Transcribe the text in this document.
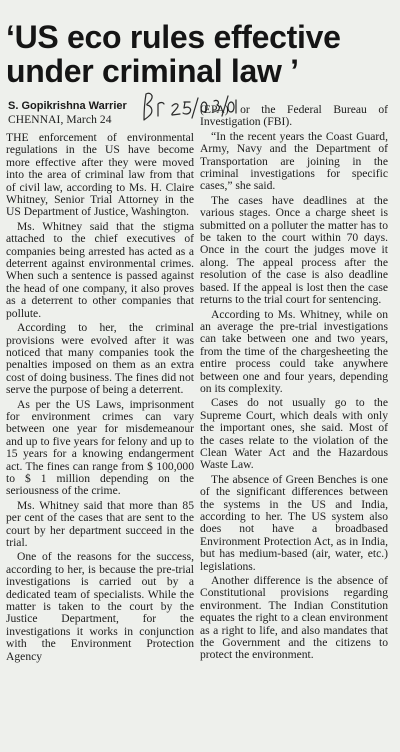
‘US eco rules effective
under criminal law ’
S. Gopikrishna Warrier
CHENNAI, March 24

THE enforcement of environmental regulations in the US have become more effective after they were moved into the area of criminal law from that of civil law, according to Ms. H. Claire Whitney, Senior Trial Attorney in the US Department of Justice, Washington.

Ms. Whitney said that the stigma attached to the chief executives of companies being arrested has acted as a deterrent against environmental crimes. When such a sentence is passed against the head of one company, it also proves as a deterrent to other companies that pollute.

According to her, the criminal provisions were evolved after it was noticed that many companies took the penalties imposed on them as an extra cost of doing business. The fines did not serve the purpose of being a deterrent.

As per the US Laws, imprisonment for environment crimes can vary between one year for misdemeanour and up to five years for felony and up to 15 years for a knowing endangerment act. The fines can range from $ 100,000 to $ 1 million depending on the seriousness of the crime.

Ms. Whitney said that more than 85 per cent of the cases that are sent to the court by her department succeed in the trial.

One of the reasons for the success, according to her, is because the pre-trial investigations is carried out by a dedicated team of specialists. While the matter is taken to the court by the Justice Department, for the investigations it works in conjunction with the Environment Protection Agency

(EPA) or the Federal Bureau of Investigation (FBI).

“In the recent years the Coast Guard, Army, Navy and the Department of Transportation are joining in the criminal investigations for specific cases,” she said.

The cases have deadlines at the various stages. Once a charge sheet is submitted on a polluter the matter has to be taken to the court within 70 days. Once in the court the judges move it along. The appeal process after the resolution of the case is also deadline based. If the appeal is lost then the case returns to the trial court for sentencing.

According to Ms. Whitney, while on an average the pre-trial investigations can take between one and two years, from the time of the chargesheeting the entire process could take anywhere between one and four years, depending on its complexity.

Cases do not usually go to the Supreme Court, which deals with only the important ones, she said. Most of the cases relate to the violation of the Clean Water Act and the Hazardous Waste Law.

The absence of Green Benches is one of the significant differences between the systems in the US and India, according to her. The US system also does not have a broadbased Environment Protection Act, as in India, but has medium-based (air, water, etc.) legislations.

Another difference is the absence of Constitutional provisions regarding environment. The Indian Constitution equates the right to a clean environment as a right to life, and also mandates that the Government and the citizens to protect the environment.
